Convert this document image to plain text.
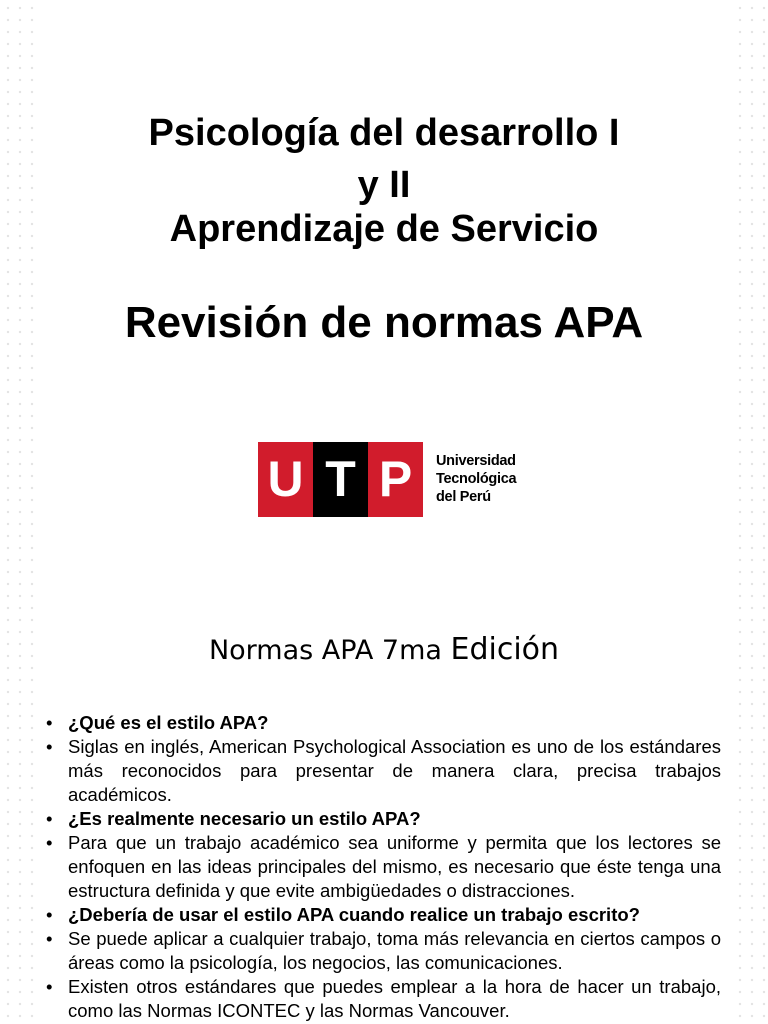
Psicología del desarrollo I
y II
Aprendizaje de Servicio
Revisión de normas APA
U T P	Universidad
Tecnológica
del Perú

Normas APA 7ma Edición

• ¿Qué es el estilo APA?
• Siglas en inglés, American Psychological Association es uno de los estándares más reconocidos para presentar de manera clara, precisa trabajos académicos.
• ¿Es realmente necesario un estilo APA?
• Para que un trabajo académico sea uniforme y permita que los lectores se enfoquen en las ideas principales del mismo, es necesario que éste tenga una estructura definida y que evite ambigüedades o distracciones.
• ¿Debería de usar el estilo APA cuando realice un trabajo escrito?
• Se puede aplicar a cualquier trabajo, toma más relevancia en ciertos campos o áreas como la psicología, los negocios, las comunicaciones.
• Existen otros estándares que puedes emplear a la hora de hacer un trabajo, como las Normas ICONTEC y las Normas Vancouver.
